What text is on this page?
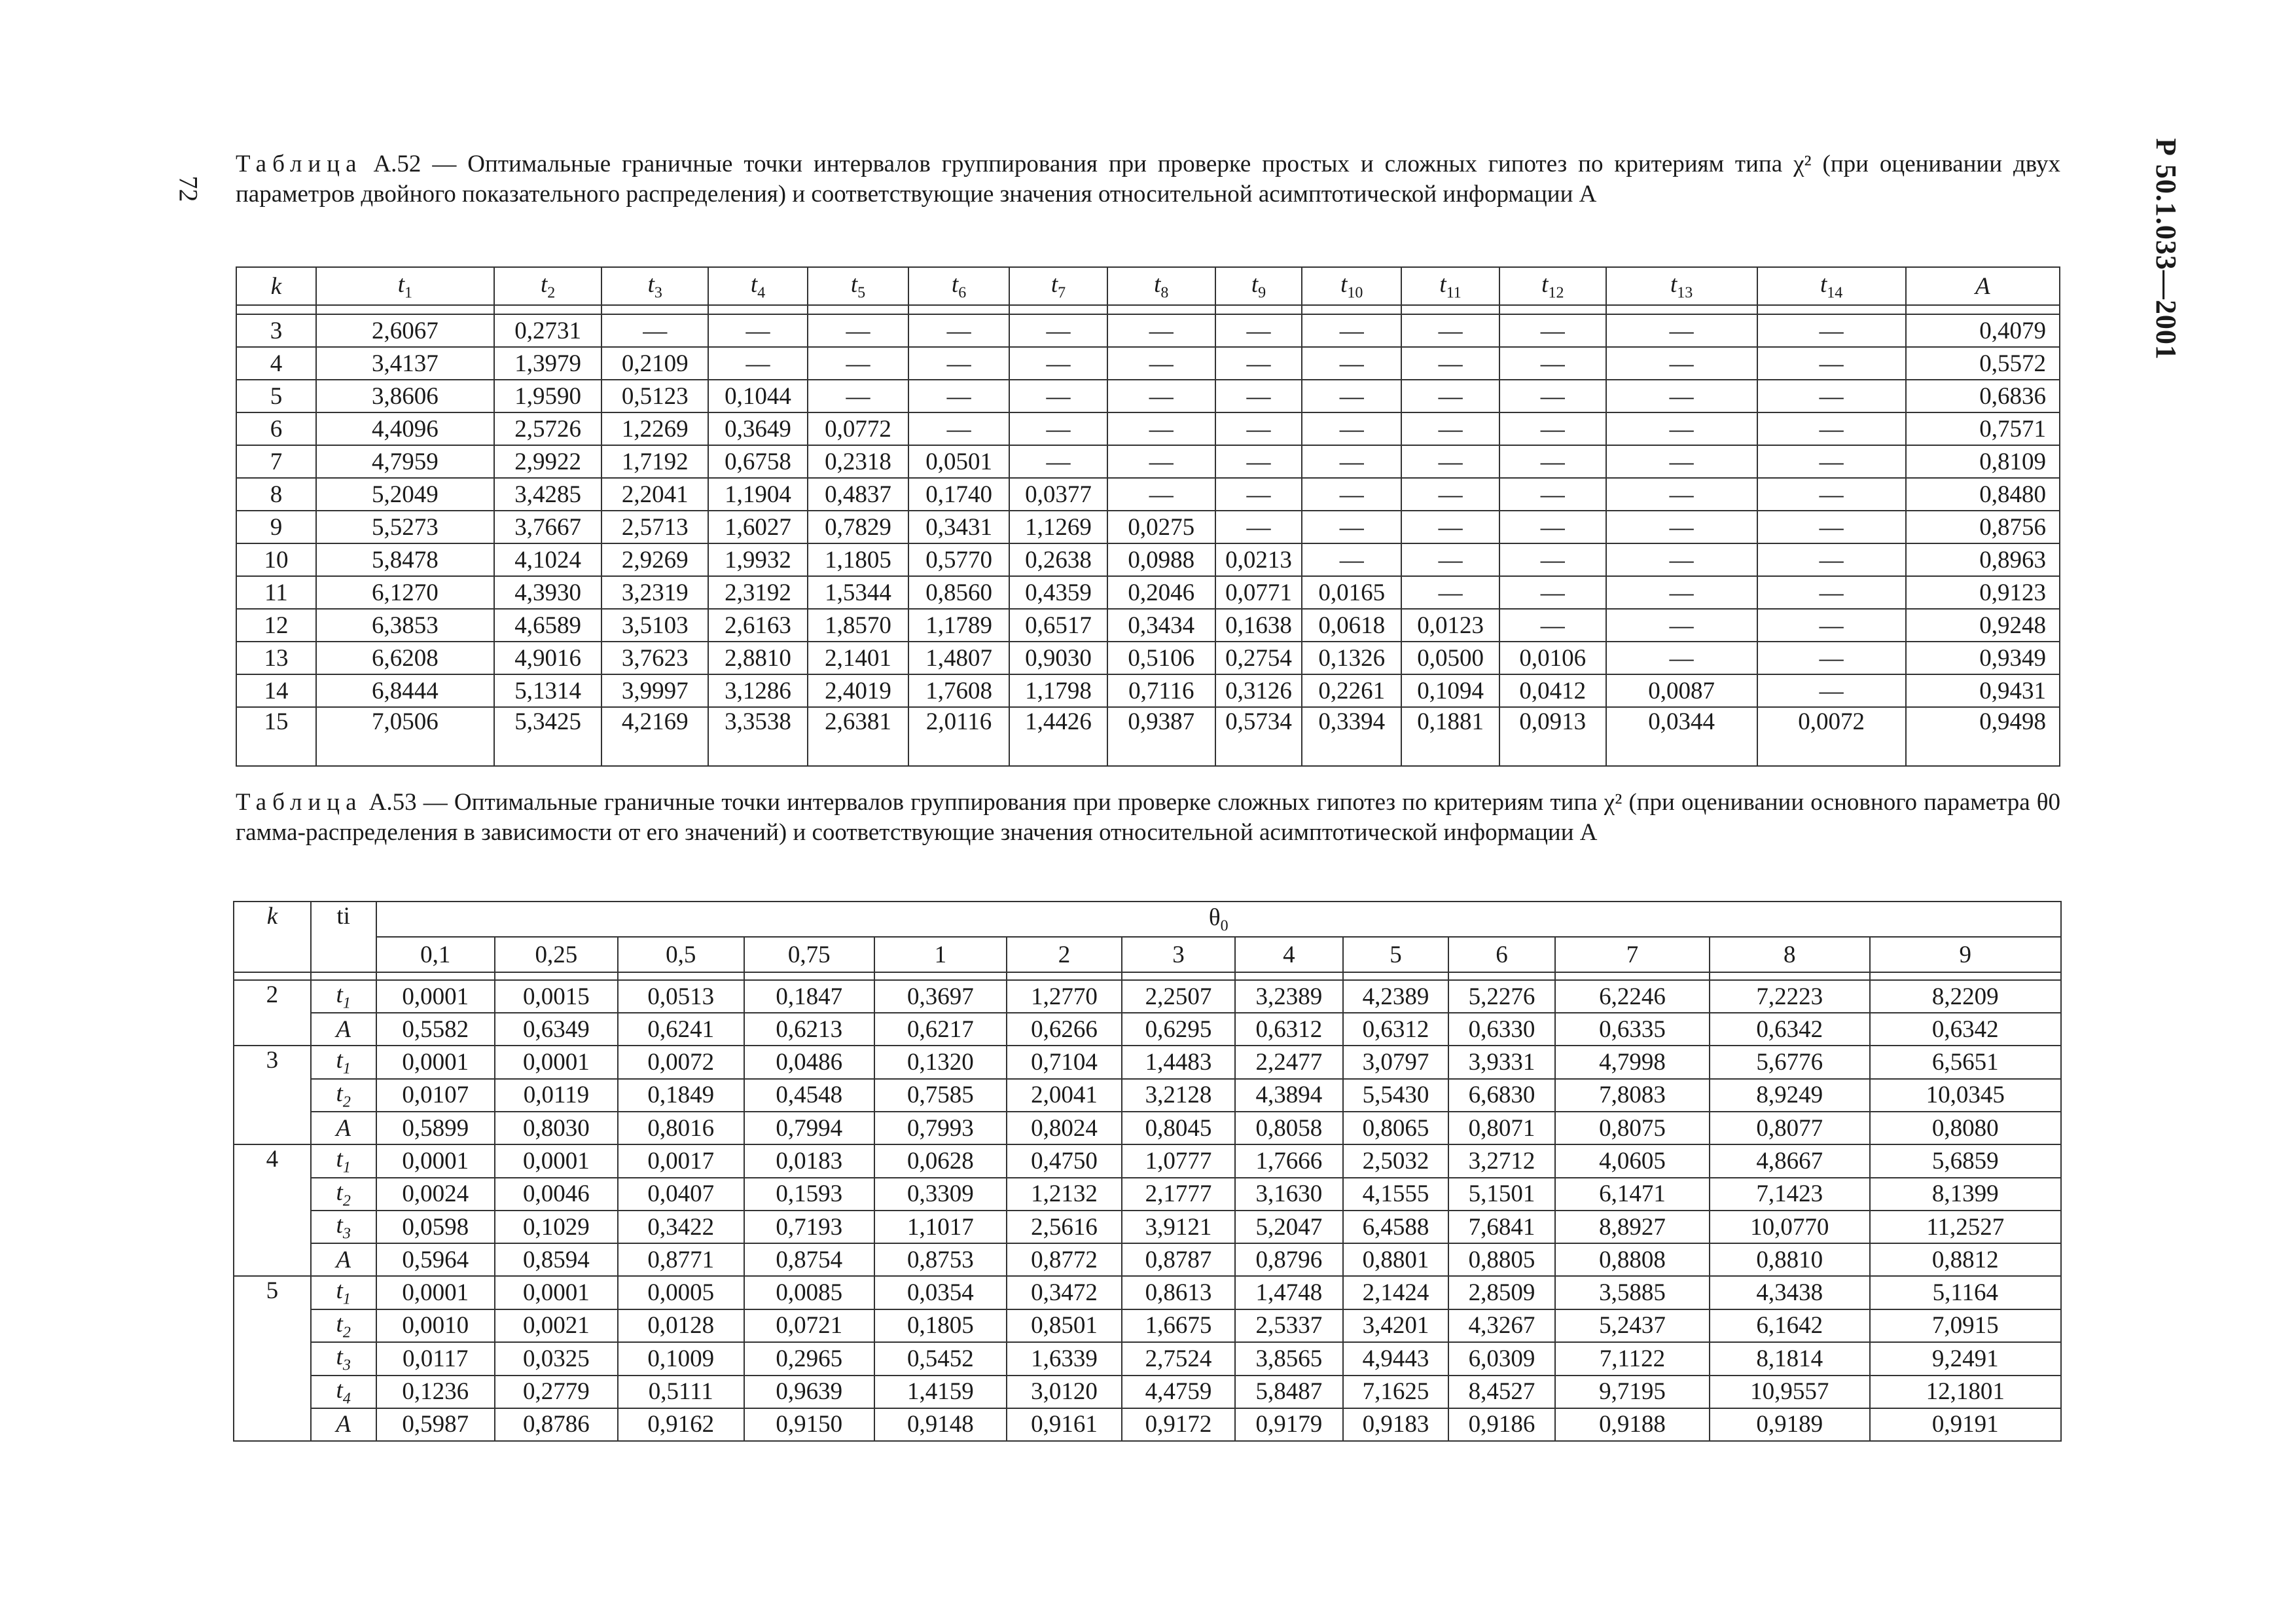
72	Р 50.1.033—2001
Таблица А.52 — Оптимальные граничные точки интервалов группирования при проверке простых и сложных гипотез по критериям типа χ² (при оценивании двух параметров двойного показательного распределения) и соответствующие значения относительной асимптотической информации A
k	$t_1$	$t_2$	$t_3$	$t_4$	$t_5$	$t_6$	$t_7$	$t_8$	$t_9$	$t_{10}$	$t_{11}$	$t_{12}$	$t_{13}$	$t_{14}$	A

3	2,6067	0,2731	—	—	—	—	—	—	—	—	—	—	—	—	0,4079
4	3,4137	1,3979	0,2109	—	—	—	—	—	—	—	—	—	—	—	0,5572
5	3,8606	1,9590	0,5123	0,1044	—	—	—	—	—	—	—	—	—	—	0,6836
6	4,4096	2,5726	1,2269	0,3649	0,0772	—	—	—	—	—	—	—	—	—	0,7571
7	4,7959	2,9922	1,7192	0,6758	0,2318	0,0501	—	—	—	—	—	—	—	—	0,8109
8	5,2049	3,4285	2,2041	1,1904	0,4837	0,1740	0,0377	—	—	—	—	—	—	—	0,8480
9	5,5273	3,7667	2,5713	1,6027	0,7829	0,3431	1,1269	0,0275	—	—	—	—	—	—	0,8756
10	5,8478	4,1024	2,9269	1,9932	1,1805	0,5770	0,2638	0,0988	0,0213	—	—	—	—	—	0,8963
11	6,1270	4,3930	3,2319	2,3192	1,5344	0,8560	0,4359	0,2046	0,0771	0,0165	—	—	—	—	0,9123
12	6,3853	4,6589	3,5103	2,6163	1,8570	1,1789	0,6517	0,3434	0,1638	0,0618	0,0123	—	—	—	0,9248
13	6,6208	4,9016	3,7623	2,8810	2,1401	1,4807	0,9030	0,5106	0,2754	0,1326	0,0500	0,0106	—	—	0,9349
14	6,8444	5,1314	3,9997	3,1286	2,4019	1,7608	1,1798	0,7116	0,3126	0,2261	0,1094	0,0412	0,0087	—	0,9431
15	7,0506	5,3425	4,2169	3,3538	2,6381	2,0116	1,4426	0,9387	0,5734	0,3394	0,1881	0,0913	0,0344	0,0072	0,9498
Таблица А.53 — Оптимальные граничные точки интервалов группирования при проверке сложных гипотез по критериям типа χ² (при оценивании основного параметра θ0 гамма-распределения в зависимости от его значений) и соответствующие значения относительной асимптотической информации A
k	ti	$\theta_0$
		0,1	0,25	0,5	0,75	1	2	3	4	5	6	7	8	9

2	$t_1$	0,0001	0,0015	0,0513	0,1847	0,3697	1,2770	2,2507	3,2389	4,2389	5,2276	6,2246	7,2223	8,2209
	A	0,5582	0,6349	0,6241	0,6213	0,6217	0,6266	0,6295	0,6312	0,6312	0,6330	0,6335	0,6342	0,6342
3	$t_1$	0,0001	0,0001	0,0072	0,0486	0,1320	0,7104	1,4483	2,2477	3,0797	3,9331	4,7998	5,6776	6,5651
	$t_2$	0,0107	0,0119	0,1849	0,4548	0,7585	2,0041	3,2128	4,3894	5,5430	6,6830	7,8083	8,9249	10,0345
	A	0,5899	0,8030	0,8016	0,7994	0,7993	0,8024	0,8045	0,8058	0,8065	0,8071	0,8075	0,8077	0,8080
4	$t_1$	0,0001	0,0001	0,0017	0,0183	0,0628	0,4750	1,0777	1,7666	2,5032	3,2712	4,0605	4,8667	5,6859
	$t_2$	0,0024	0,0046	0,0407	0,1593	0,3309	1,2132	2,1777	3,1630	4,1555	5,1501	6,1471	7,1423	8,1399
	$t_3$	0,0598	0,1029	0,3422	0,7193	1,1017	2,5616	3,9121	5,2047	6,4588	7,6841	8,8927	10,0770	11,2527
	A	0,5964	0,8594	0,8771	0,8754	0,8753	0,8772	0,8787	0,8796	0,8801	0,8805	0,8808	0,8810	0,8812
5	$t_1$	0,0001	0,0001	0,0005	0,0085	0,0354	0,3472	0,8613	1,4748	2,1424	2,8509	3,5885	4,3438	5,1164
	$t_2$	0,0010	0,0021	0,0128	0,0721	0,1805	0,8501	1,6675	2,5337	3,4201	4,3267	5,2437	6,1642	7,0915
	$t_3$	0,0117	0,0325	0,1009	0,2965	0,5452	1,6339	2,7524	3,8565	4,9443	6,0309	7,1122	8,1814	9,2491
	$t_4$	0,1236	0,2779	0,5111	0,9639	1,4159	3,0120	4,4759	5,8487	7,1625	8,4527	9,7195	10,9557	12,1801
	A	0,5987	0,8786	0,9162	0,9150	0,9148	0,9161	0,9172	0,9179	0,9183	0,9186	0,9188	0,9189	0,9191
